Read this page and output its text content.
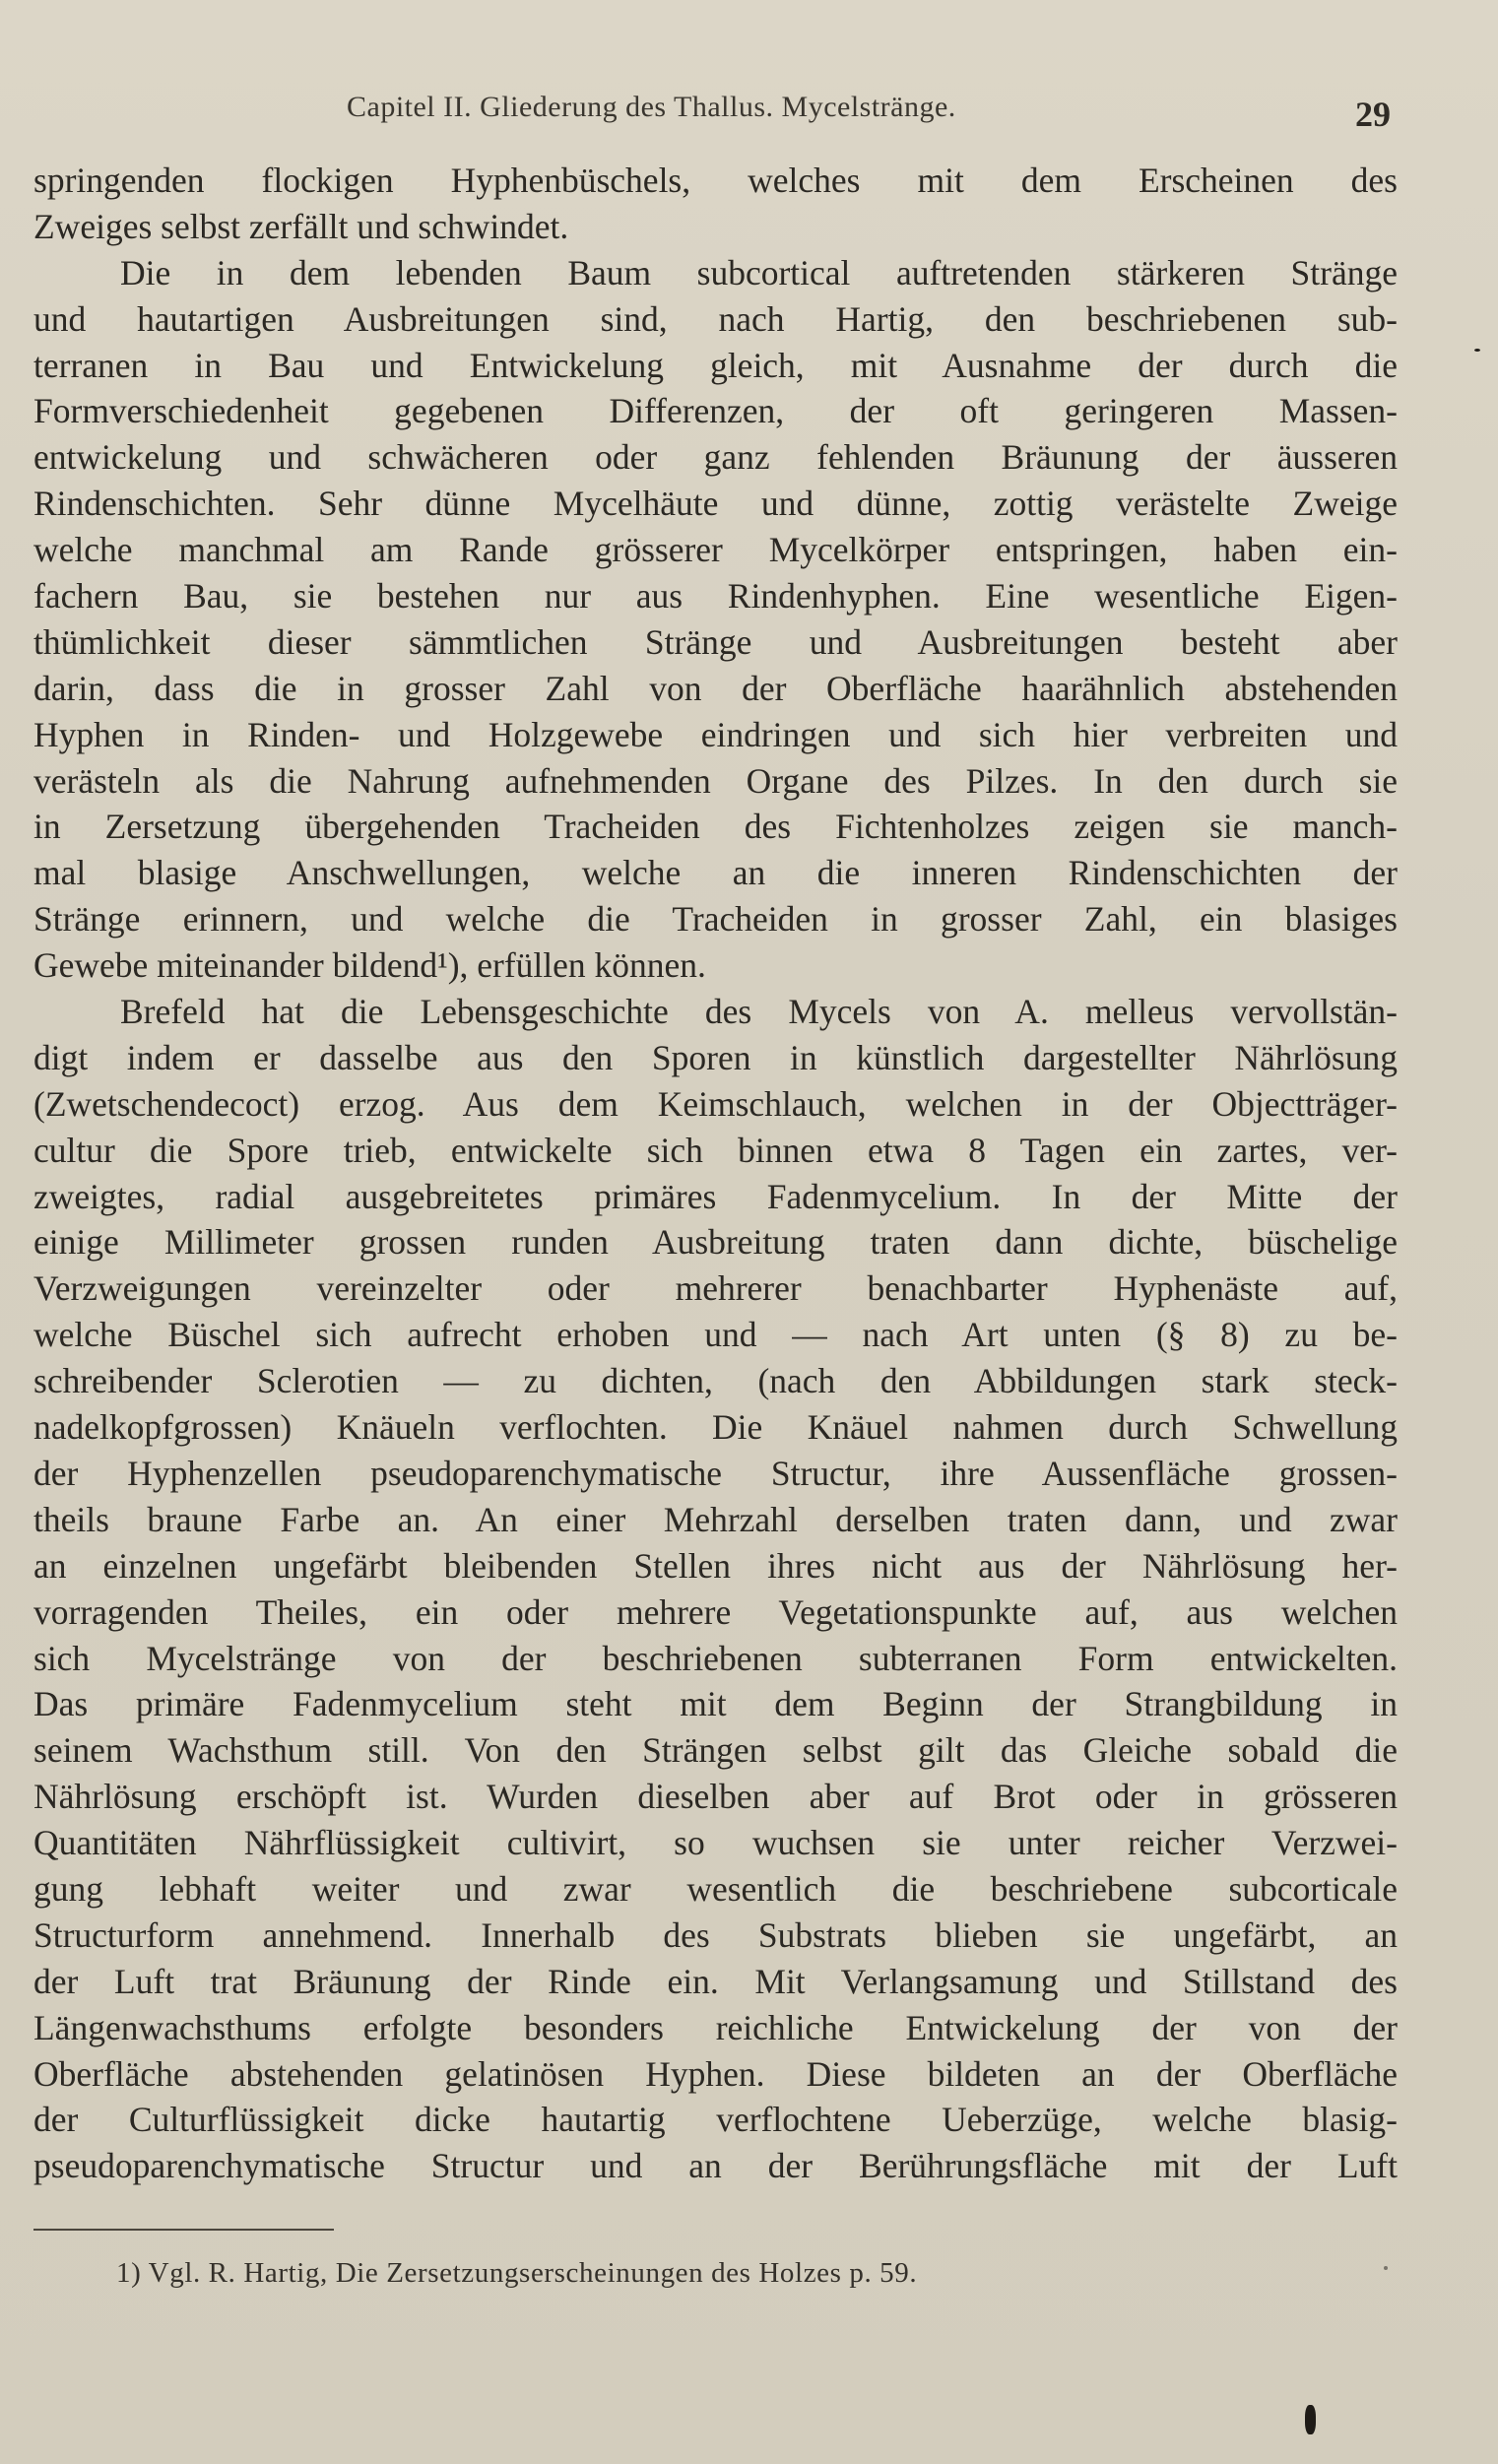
Capitel II. Gliederung des Thallus. Mycelstränge.	29
springenden flockigen Hyphenbüschels, welches mit dem Erscheinen des
Zweiges selbst zerfällt und schwindet.
Die in dem lebenden Baum subcortical auftretenden stärkeren Stränge
und hautartigen Ausbreitungen sind, nach Hartig, den beschriebenen sub-
terranen in Bau und Entwickelung gleich, mit Ausnahme der durch die
Formverschiedenheit gegebenen Differenzen, der oft geringeren Massen-
entwickelung und schwächeren oder ganz fehlenden Bräunung der äusseren
Rindenschichten. Sehr dünne Mycelhäute und dünne, zottig verästelte Zweige
welche manchmal am Rande grösserer Mycelkörper entspringen, haben ein-
fachern Bau, sie bestehen nur aus Rindenhyphen. Eine wesentliche Eigen-
thümlichkeit dieser sämmtlichen Stränge und Ausbreitungen besteht aber
darin, dass die in grosser Zahl von der Oberfläche haarähnlich abstehenden
Hyphen in Rinden- und Holzgewebe eindringen und sich hier verbreiten und
verästeln als die Nahrung aufnehmenden Organe des Pilzes. In den durch sie
in Zersetzung übergehenden Tracheiden des Fichtenholzes zeigen sie manch-
mal blasige Anschwellungen, welche an die inneren Rindenschichten der
Stränge erinnern, und welche die Tracheiden in grosser Zahl, ein blasiges
Gewebe miteinander bildend¹), erfüllen können.
Brefeld hat die Lebensgeschichte des Mycels von A. melleus vervollstän-
digt indem er dasselbe aus den Sporen in künstlich dargestellter Nährlösung
(Zwetschendecoct) erzog. Aus dem Keimschlauch, welchen in der Objectträger-
cultur die Spore trieb, entwickelte sich binnen etwa 8 Tagen ein zartes, ver-
zweigtes, radial ausgebreitetes primäres Fadenmycelium. In der Mitte der
einige Millimeter grossen runden Ausbreitung traten dann dichte, büschelige
Verzweigungen vereinzelter oder mehrerer benachbarter Hyphenäste auf,
welche Büschel sich aufrecht erhoben und — nach Art unten (§ 8) zu be-
schreibender Sclerotien — zu dichten, (nach den Abbildungen stark steck-
nadelkopfgrossen) Knäueln verflochten. Die Knäuel nahmen durch Schwellung
der Hyphenzellen pseudoparenchymatische Structur, ihre Aussenfläche grossen-
theils braune Farbe an. An einer Mehrzahl derselben traten dann, und zwar
an einzelnen ungefärbt bleibenden Stellen ihres nicht aus der Nährlösung her-
vorragenden Theiles, ein oder mehrere Vegetationspunkte auf, aus welchen
sich Mycelstränge von der beschriebenen subterranen Form entwickelten.
Das primäre Fadenmycelium steht mit dem Beginn der Strangbildung in
seinem Wachsthum still. Von den Strängen selbst gilt das Gleiche sobald die
Nährlösung erschöpft ist. Wurden dieselben aber auf Brot oder in grösseren
Quantitäten Nährflüssigkeit cultivirt, so wuchsen sie unter reicher Verzwei-
gung lebhaft weiter und zwar wesentlich die beschriebene subcorticale
Structurform annehmend. Innerhalb des Substrats blieben sie ungefärbt, an
der Luft trat Bräunung der Rinde ein. Mit Verlangsamung und Stillstand des
Längenwachsthums erfolgte besonders reichliche Entwickelung der von der
Oberfläche abstehenden gelatinösen Hyphen. Diese bildeten an der Oberfläche
der Culturflüssigkeit dicke hautartig verflochtene Ueberzüge, welche blasig-
pseudoparenchymatische Structur und an der Berührungsfläche mit der Luft
1) Vgl. R. Hartig, Die Zersetzungserscheinungen des Holzes p. 59.
